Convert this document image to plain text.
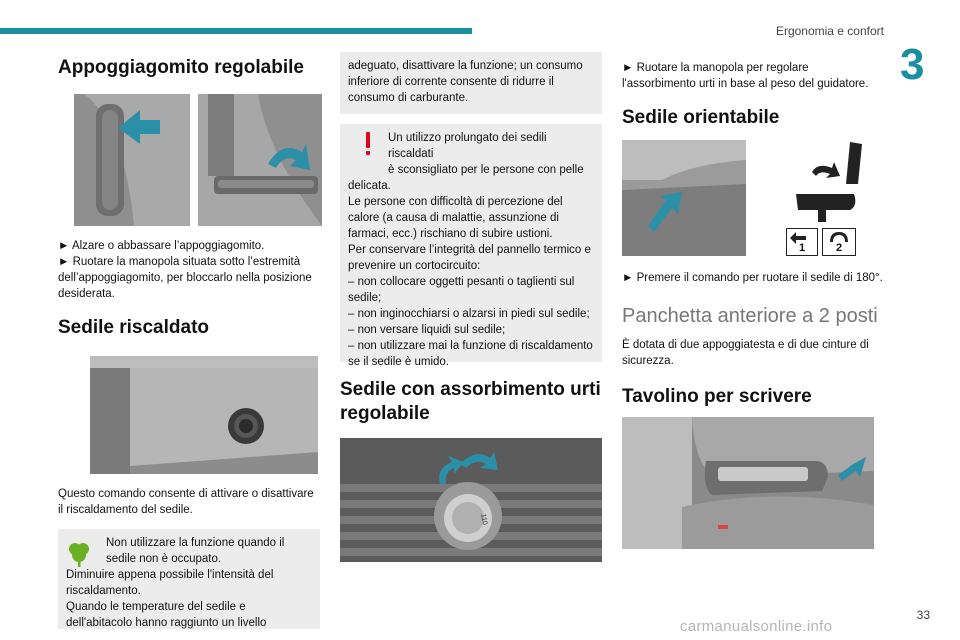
Ergonomia e confort
3
Appoggiagomito regolabile

► Alzare o abbassare l’appoggiagomito.

► Ruotare la manopola situata sotto l’estremità dell’appoggiagomito, per bloccarlo nella posizione desiderata.

Sedile riscaldato

Questo comando consente di attivare o disattivare il riscaldamento del sedile.

Non utilizzare la funzione quando il
sedile non è occupato.
Diminuire appena possibile l'intensità del riscaldamento.
Quando le temperature del sedile e dell'abitacolo hanno raggiunto un livello
adeguato, disattivare la funzione; un consumo inferiore di corrente consente di ridurre il consumo di carburante.
Un utilizzo prolungato dei sedili riscaldati
è sconsigliato per le persone con pelle
delicata.
Le persone con difficoltà di percezione del calore (a causa di malattie, assunzione di farmaci, ecc.) rischiano di subire ustioni.
Per conservare l’integrità del pannello termico e prevenire un cortocircuito:
– non collocare oggetti pesanti o taglienti sul sedile;
– non inginocchiarsi o alzarsi in piedi sul sedile;
– non versare liquidi sul sedile;
– non utilizzare mai la funzione di riscaldamento se il sedile è umido.
Sedile con assorbimento urti regolabile
110

► Ruotare la manopola per regolare l'assorbimento urti in base al peso del guidatore.

Sedile orientabile
1	2

► Premere il comando per ruotare il sedile di 180°.

Panchetta anteriore a 2 posti

È dotata di due appoggiatesta e di due cinture di sicurezza.

Tavolino per scrivere
33
carmanualsonline.info
